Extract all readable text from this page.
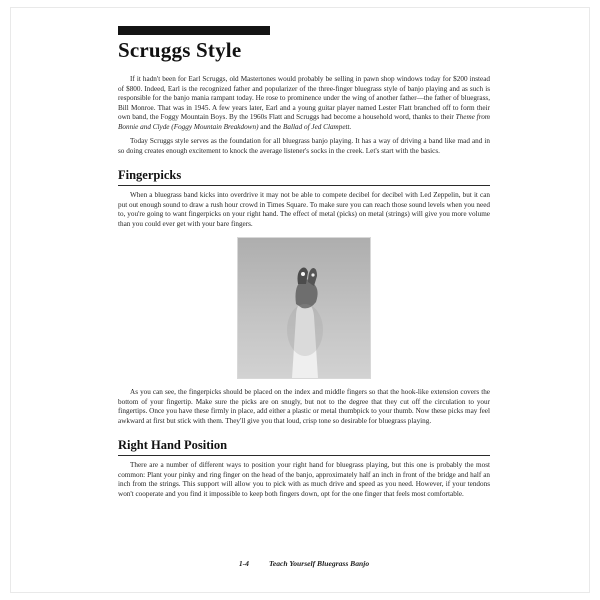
Scruggs Style

If it hadn't been for Earl Scruggs, old Mastertones would probably be selling in pawn shop windows today for $200 instead of $800. Indeed, Earl is the recognized father and popularizer of the three-finger bluegrass style of banjo playing and as such is responsible for the banjo mania rampant today. He rose to prominence under the wing of another father—the father of bluegrass, Bill Monroe. That was in 1945. A few years later, Earl and a young guitar player named Lester Flatt branched off to form their own band, the Foggy Mountain Boys. By the 1960s Flatt and Scruggs had become a household word, thanks to their Theme from Bonnie and Clyde (Foggy Mountain Breakdown) and the Ballad of Jed Clampett.

Today Scruggs style serves as the foundation for all bluegrass banjo playing. It has a way of driving a band like mad and in so doing creates enough excitement to knock the average listener's socks in the creek. Let's start with the basics.

Fingerpicks

When a bluegrass band kicks into overdrive it may not be able to compete decibel for decibel with Led Zeppelin, but it can put out enough sound to draw a rush hour crowd in Times Square. To make sure you can reach those sound levels when you need to, you're going to want fingerpicks on your right hand. The effect of metal (picks) on metal (strings) will give you more volume than you could ever get with your bare fingers.

As you can see, the fingerpicks should be placed on the index and middle fingers so that the hook-like extension covers the bottom of your fingertip. Make sure the picks are on snugly, but not to the degree that they cut off the circulation to your fingertips. Once you have these firmly in place, add either a plastic or metal thumbpick to your thumb. Now these picks may feel awkward at first but stick with them. They'll give you that loud, crisp tone so desirable for bluegrass playing.

Right Hand Position

There are a number of different ways to position your right hand for bluegrass playing, but this one is probably the most common: Plant your pinky and ring finger on the head of the banjo, approximately half an inch in front of the bridge and half an inch from the strings. This support will allow you to pick with as much drive and speed as you need. However, if your tendons won't cooperate and you find it impossible to keep both fingers down, opt for the one finger that feels most comfortable.

1-4	Teach Yourself Bluegrass Banjo
